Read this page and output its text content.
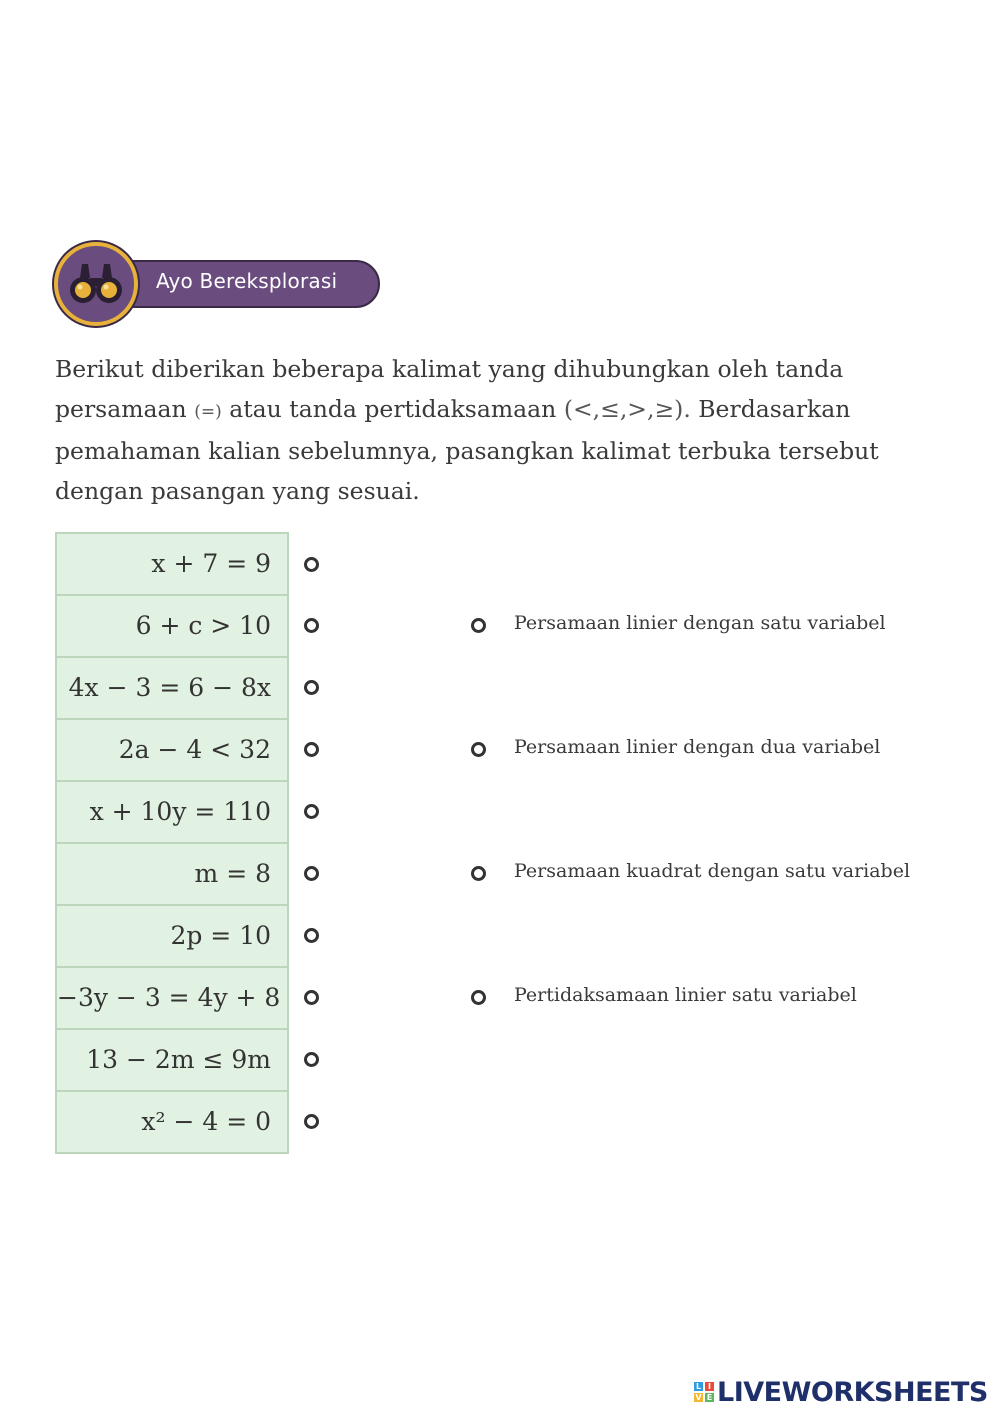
Ayo Bereksplorasi
Berikut diberikan beberapa kalimat yang dihubungkan oleh tanda
persamaan (=) atau tanda pertidaksamaan (<,≤,>,≥). Berdasarkan
pemahaman kalian sebelumnya, pasangkan kalimat terbuka tersebut
dengan pasangan yang sesuai.
x + 7 = 9
6 + c > 10
4x − 3 = 6 − 8x
2a − 4 < 32
x + 10y = 110
m = 8
2p = 10
−3y − 3 = 4y + 8
13 − 2m ≤ 9m
x² − 4 = 0
Persamaan linier dengan satu variabel
Persamaan linier dengan dua variabel
Persamaan kuadrat dengan satu variabel
Pertidaksamaan linier satu variabel
L I
V E LIVEWORKSHEETS
